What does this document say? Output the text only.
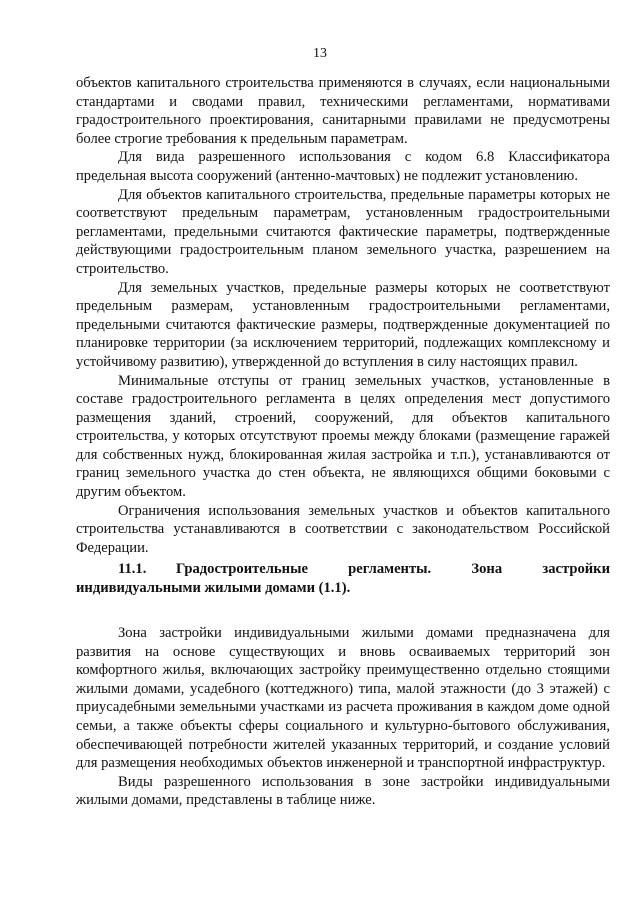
13

объектов капитального строительства применяются в случаях, если национальными стандартами и сводами правил, техническими регламентами, нормативами градостроительного проектирования, санитарными правилами не предусмотрены более строгие требования к предельным параметрам.

Для вида разрешенного использования с кодом 6.8 Классификатора предельная высота сооружений (антенно-мачтовых) не подлежит установлению.

Для объектов капитального строительства, предельные параметры которых не соответствуют предельным параметрам, установленным градостроительными регламентами, предельными считаются фактические параметры, подтвержденные действующими градостроительным планом земельного участка, разрешением на строительство.

Для земельных участков, предельные размеры которых не соответствуют предельным размерам, установленным градостроительными регламентами, предельными считаются фактические размеры, подтвержденные документацией по планировке территории (за исключением территорий, подлежащих комплексному и устойчивому развитию), утвержденной до вступления в силу настоящих правил.

Минимальные отступы от границ земельных участков, установленные в составе градостроительного регламента в целях определения мест допустимого размещения зданий, строений, сооружений, для объектов капитального строительства, у которых отсутствуют проемы между блоками (размещение гаражей для собственных нужд, блокированная жилая застройка и т.п.), устанавливаются от границ земельного участка до стен объекта, не являющихся общими боковыми с другим объектом.

Ограничения использования земельных участков и объектов капитального строительства устанавливаются в соответствии с законодательством Российской Федерации.

11.1. Градостроительные регламенты. Зона застройки индивидуальными жилыми домами (1.1).

Зона застройки индивидуальными жилыми домами предназначена для развития на основе существующих и вновь осваиваемых территорий зон комфортного жилья, включающих застройку преимущественно отдельно стоящими жилыми домами, усадебного (коттеджного) типа, малой этажности (до 3 этажей) с приусадебными земельными участками из расчета проживания в каждом доме одной семьи, а также объекты сферы социального и культурно-бытового обслуживания, обеспечивающей потребности жителей указанных территорий, и создание условий для размещения необходимых объектов инженерной и транспортной инфраструктур.

Виды разрешенного использования в зоне застройки индивидуальными жилыми домами, представлены в таблице ниже.
